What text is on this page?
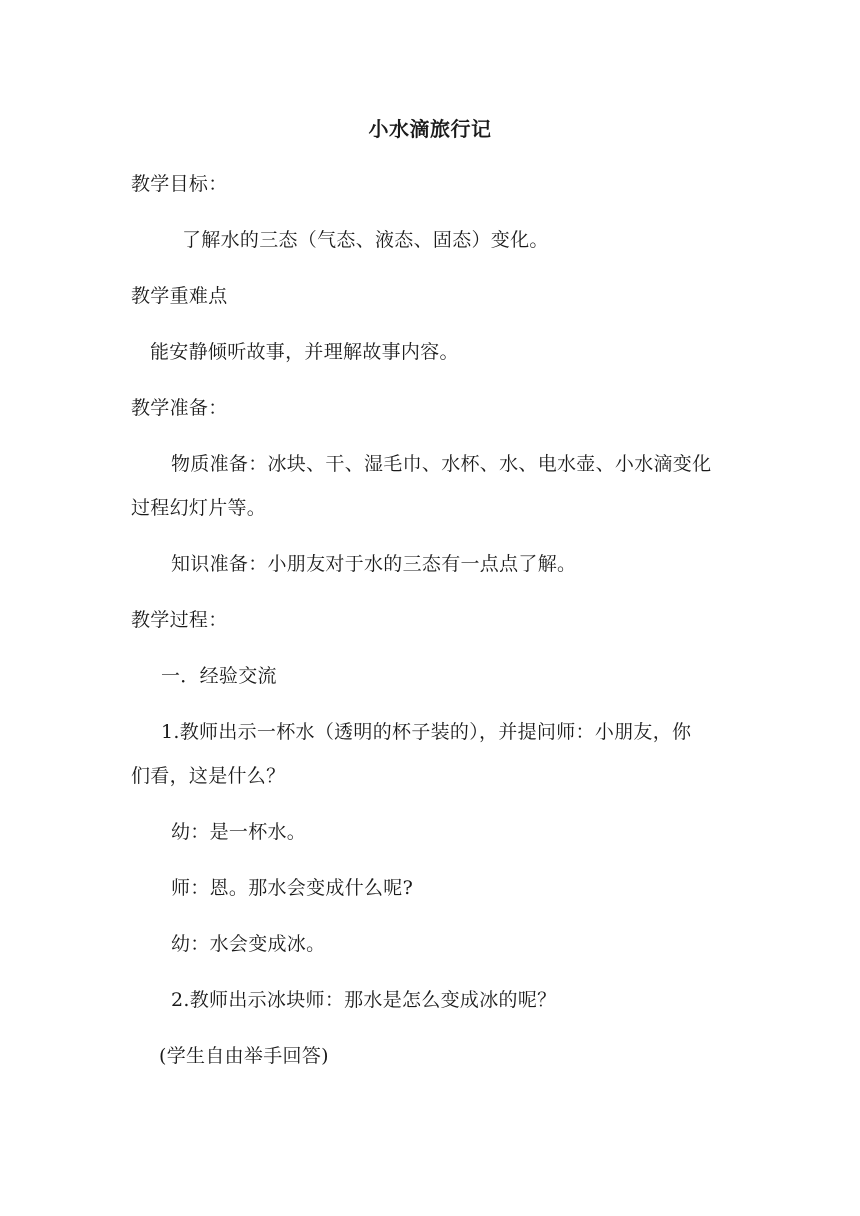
小水滴旅行记
教学目标：
了解水的三态（气态、液态、固态）变化。
教学重难点
能安静倾听故事，并理解故事内容。
教学准备：
物质准备：冰块、干、湿毛巾、水杯、水、电水壶、小水滴变化
过程幻灯片等。
知识准备：小朋友对于水的三态有一点点了解。
教学过程：
一．经验交流
1.教师出示一杯水（透明的杯子装的），并提问师：小朋友，你
们看，这是什么？
幼：是一杯水。
师：恩。那水会变成什么呢?
幼：水会变成冰。
2.教师出示冰块师：那水是怎么变成冰的呢？
(学生自由举手回答)
